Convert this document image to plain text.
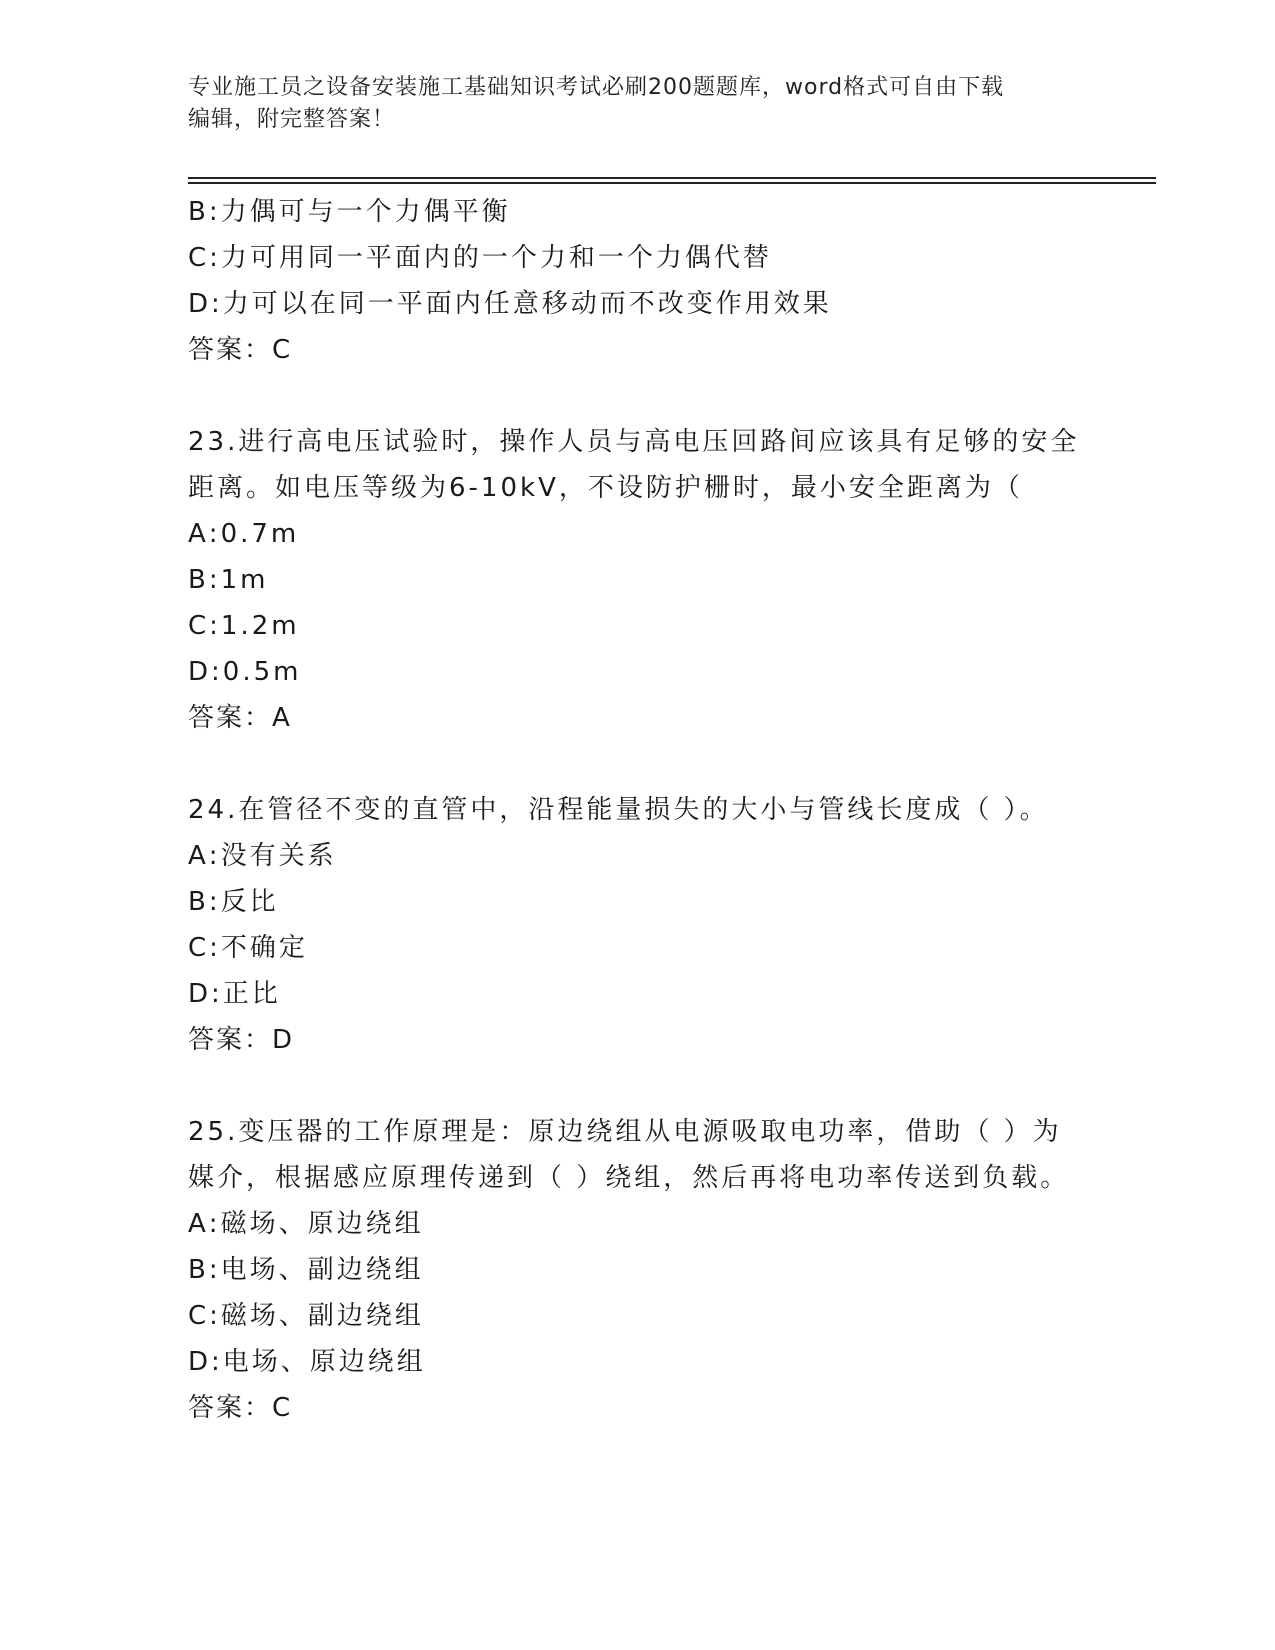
专业施工员之设备安装施工基础知识考试必刷200题题库，word格式可自由下载
编辑，附完整答案！
B:力偶可与一个力偶平衡
C:力可用同一平面内的一个力和一个力偶代替
D:力可以在同一平面内任意移动而不改变作用效果
答案：C
23.进行高电压试验时，操作人员与高电压回路间应该具有足够的安全
距离。如电压等级为6-10kV，不设防护栅时，最小安全距离为（
A:0.7m
B:1m
C:1.2m
D:0.5m
答案：A
24.在管径不变的直管中，沿程能量损失的大小与管线长度成（ ）。
A:没有关系
B:反比
C:不确定
D:正比
答案：D
25.变压器的工作原理是：原边绕组从电源吸取电功率，借助（ ）为
媒介，根据感应原理传递到（ ）绕组，然后再将电功率传送到负载。
A:磁场、原边绕组
B:电场、副边绕组
C:磁场、副边绕组
D:电场、原边绕组
答案：C
